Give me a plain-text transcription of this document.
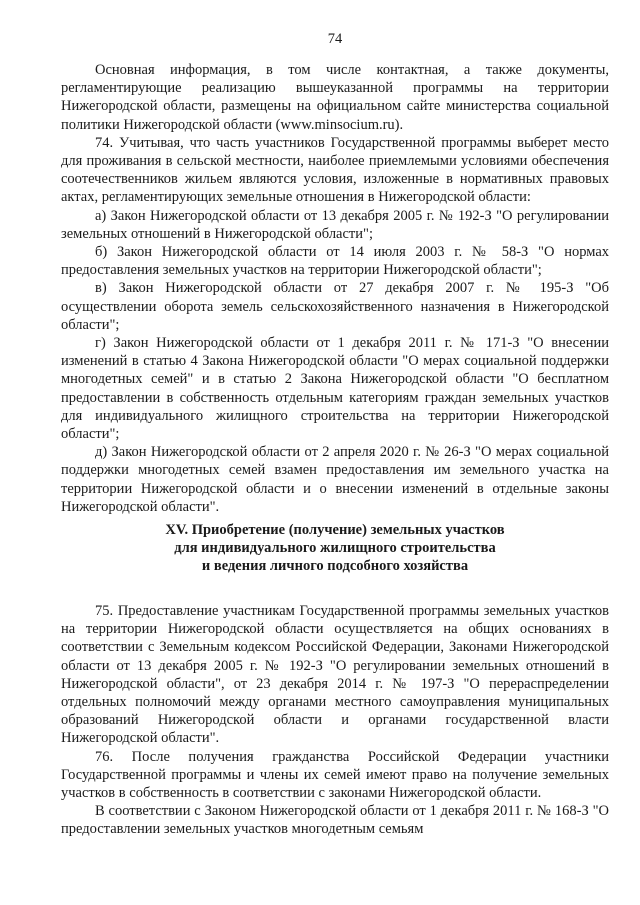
74

Основная информация, в том числе контактная, а также документы, регламентирующие реализацию вышеуказанной программы на территории Нижегородской области, размещены на официальном сайте министерства социальной политики Нижегородской области (www.minsocium.ru).

74. Учитывая, что часть участников Государственной программы выберет место для проживания в сельской местности, наиболее приемлемыми условиями обеспечения соотечественников жильем являются условия, изложенные в нормативных правовых актах, регламентирующих земельные отношения в Нижегородской области:

а) Закон Нижегородской области от 13 декабря 2005 г. № 192-З "О регулировании земельных отношений в Нижегородской области";

б) Закон Нижегородской области от 14 июля 2003 г. № 58-З "О нормах предоставления земельных участков на территории Нижегородской области";

в) Закон Нижегородской области от 27 декабря 2007 г. № 195-З "Об осуществлении оборота земель сельскохозяйственного назначения в Нижегородской области";

г) Закон Нижегородской области от 1 декабря 2011 г. № 171-З "О внесении изменений в статью 4 Закона Нижегородской области "О мерах социальной поддержки многодетных семей" и в статью 2 Закона Нижегородской области "О бесплатном предоставлении в собственность отдельным категориям граждан земельных участков для индивидуального жилищного строительства на территории Нижегородской области";

д) Закон Нижегородской области от 2 апреля 2020 г. № 26-З "О мерах социальной поддержки многодетных семей взамен предоставления им земельного участка на территории Нижегородской области и о внесении изменений в отдельные законы Нижегородской области".

XV. Приобретение (получение) земельных участков
для индивидуального жилищного строительства
и ведения личного подсобного хозяйства

75. Предоставление участникам Государственной программы земельных участков на территории Нижегородской области осуществляется на общих основаниях в соответствии с Земельным кодексом Российской Федерации, Законами Нижегородской области от 13 декабря 2005 г. № 192-З "О регулировании земельных отношений в Нижегородской области", от 23 декабря 2014 г. № 197-З "О перераспределении отдельных полномочий между органами местного самоуправления муниципальных образований Нижегородской области и органами государственной власти Нижегородской области".

76. После получения гражданства Российской Федерации участники Государственной программы и члены их семей имеют право на получение земельных участков в собственность в соответствии с законами Нижегородской области.

В соответствии с Законом Нижегородской области от 1 декабря 2011 г. № 168-З "О предоставлении земельных участков многодетным семьям
